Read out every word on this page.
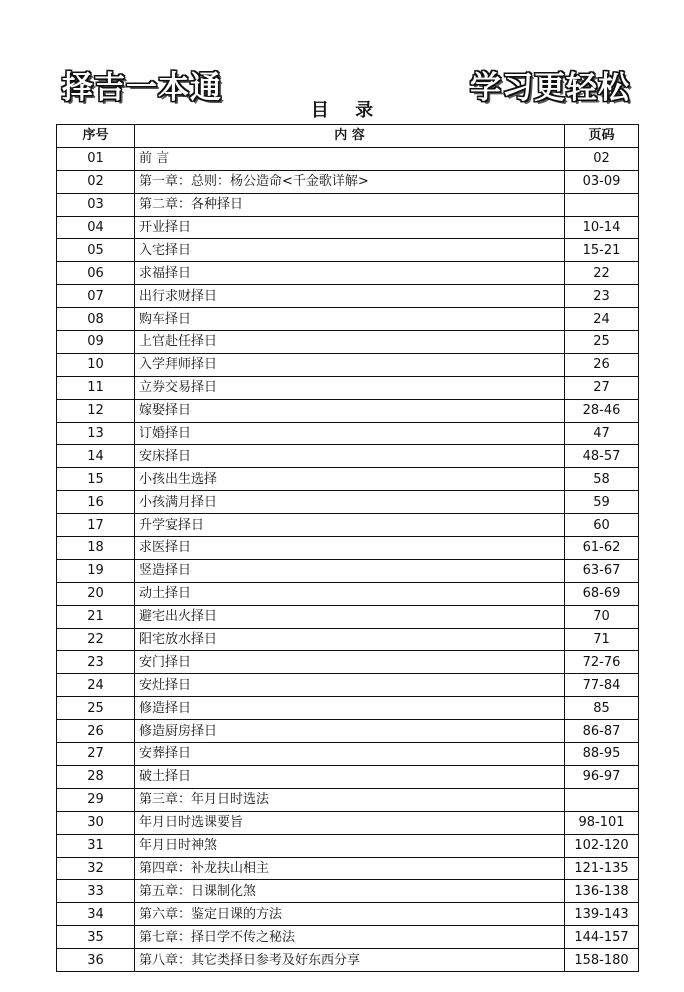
择吉一本通	学习更轻松
目 录
序号	内 容	页码
01	前 言	02
02	第一章：总则：杨公造命<千金歌详解>	03-09
03	第二章：各种择日	
04	开业择日	10-14
05	入宅择日	15-21
06	求福择日	22
07	出行求财择日	23
08	购车择日	24
09	上官赴任择日	25
10	入学拜师择日	26
11	立券交易择日	27
12	嫁娶择日	28-46
13	订婚择日	47
14	安床择日	48-57
15	小孩出生选择	58
16	小孩满月择日	59
17	升学宴择日	60
18	求医择日	61-62
19	竖造择日	63-67
20	动土择日	68-69
21	避宅出火择日	70
22	阳宅放水择日	71
23	安门择日	72-76
24	安灶择日	77-84
25	修造择日	85
26	修造厨房择日	86-87
27	安葬择日	88-95
28	破土择日	96-97
29	第三章：年月日时选法	
30	年月日时选课要旨	98-101
31	年月日时神煞	102-120
32	第四章：补龙扶山相主	121-135
33	第五章：日课制化煞	136-138
34	第六章：鉴定日课的方法	139-143
35	第七章：择日学不传之秘法	144-157
36	第八章：其它类择日参考及好东西分享	158-180
